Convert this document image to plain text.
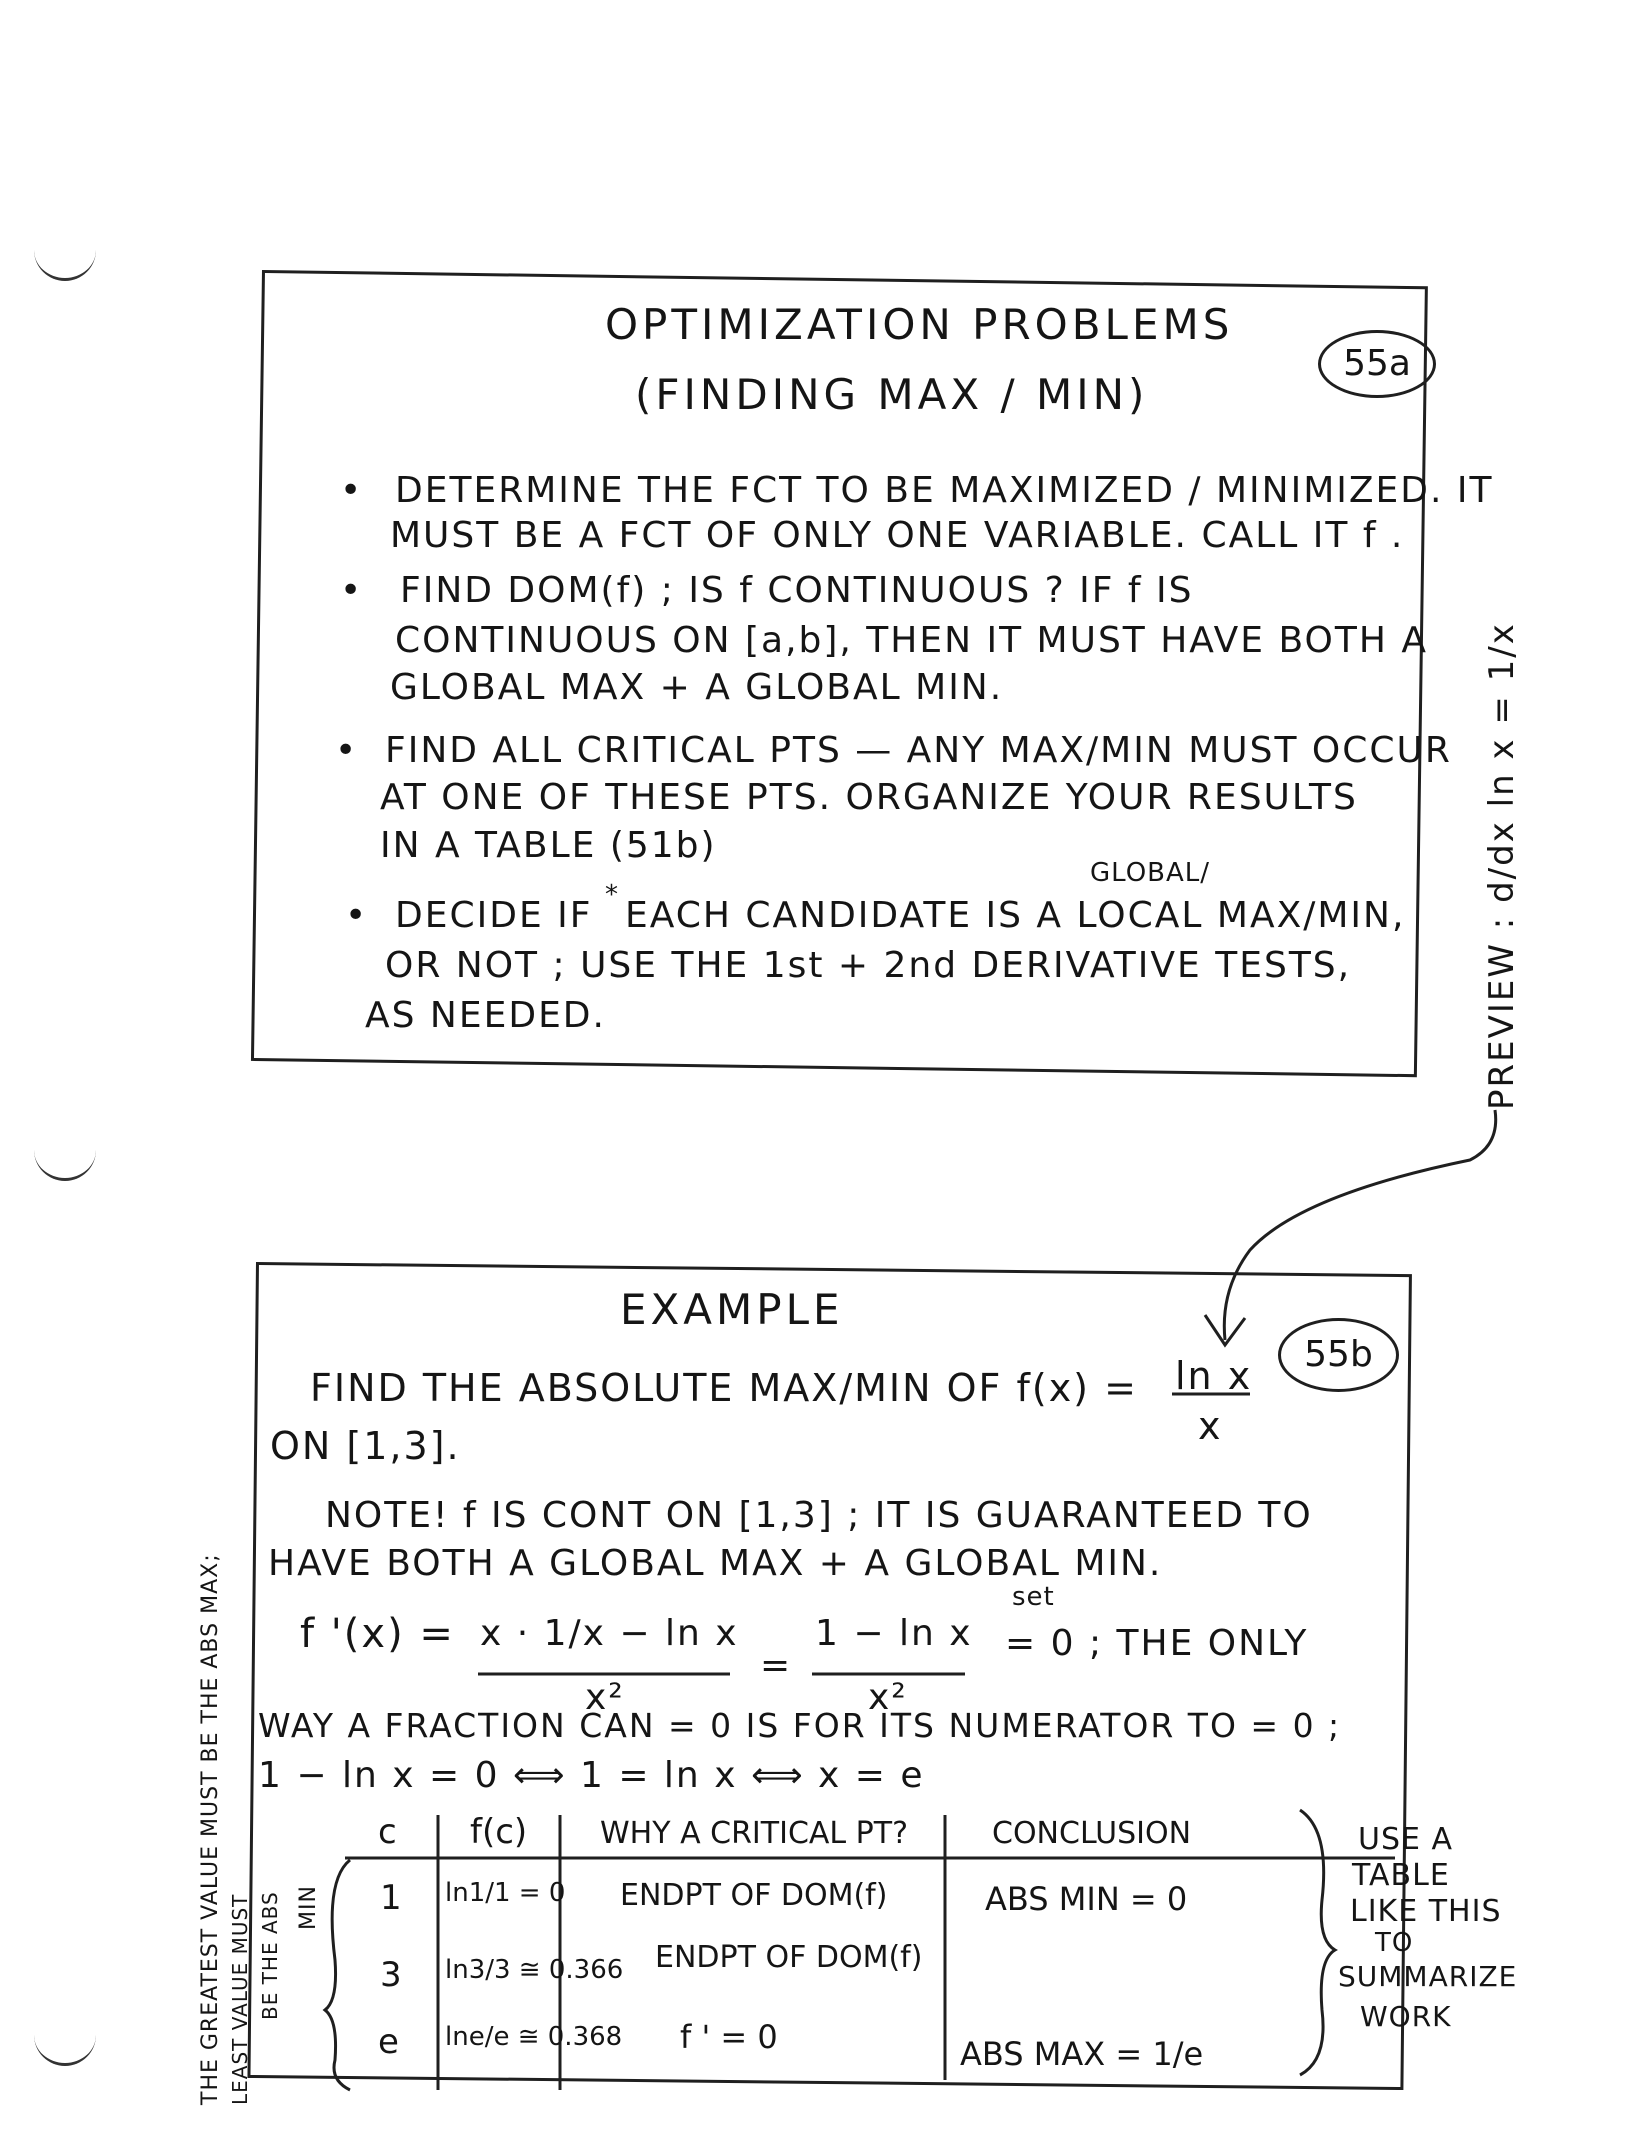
OPTIMIZATION PROBLEMS
(FINDING MAX / MIN)
55a
• DETERMINE THE FCT TO BE MAXIMIZED / MINIMIZED. IT
MUST BE A FCT OF ONLY ONE VARIABLE. CALL IT f .
• FIND DOM(f) ; IS f CONTINUOUS ? IF f IS
CONTINUOUS ON [a,b], THEN IT MUST HAVE BOTH A
GLOBAL MAX + A GLOBAL MIN.
• FIND ALL CRITICAL PTS — ANY MAX/MIN MUST OCCUR
AT ONE OF THESE PTS. ORGANIZE YOUR RESULTS
IN A TABLE (51b)
GLOBAL/
• DECIDE IF * EACH CANDIDATE IS A LOCAL MAX/MIN,
OR NOT ; USE THE 1st + 2nd DERIVATIVE TESTS,
AS NEEDED.	PREVIEW : d/dx ln x = 1/x
EXAMPLE
55b
FIND THE ABSOLUTE MAX/MIN OF f(x) = ln x
x
ON [1,3].
NOTE! f IS CONT ON [1,3] ; IT IS GUARANTEED TO
HAVE BOTH A GLOBAL MAX + A GLOBAL MIN.
f '(x) = x · 1/x − ln x
x²
=
1 − ln x
x²
set
= 0 ; THE ONLY
WAY A FRACTION CAN = 0 IS FOR ITS NUMERATOR TO = 0 ;
1 − ln x = 0 ⟺ 1 = ln x ⟺ x = e
c f(c) WHY A CRITICAL PT?	CONCLUSION
1 ln1/1 = 0 ENDPT OF DOM(f)	ABS MIN = 0
3 ln3/3 ≅ 0.366 ENDPT OF DOM(f)
e lne/e ≅ 0.368 f ' = 0	ABS MAX = 1/e
USE A
TABLE
LIKE THIS
TO
SUMMARIZE
WORK
THE GREATEST VALUE MUST BE THE ABS MAX; LEAST VALUE MUST BE THE ABS MIN
